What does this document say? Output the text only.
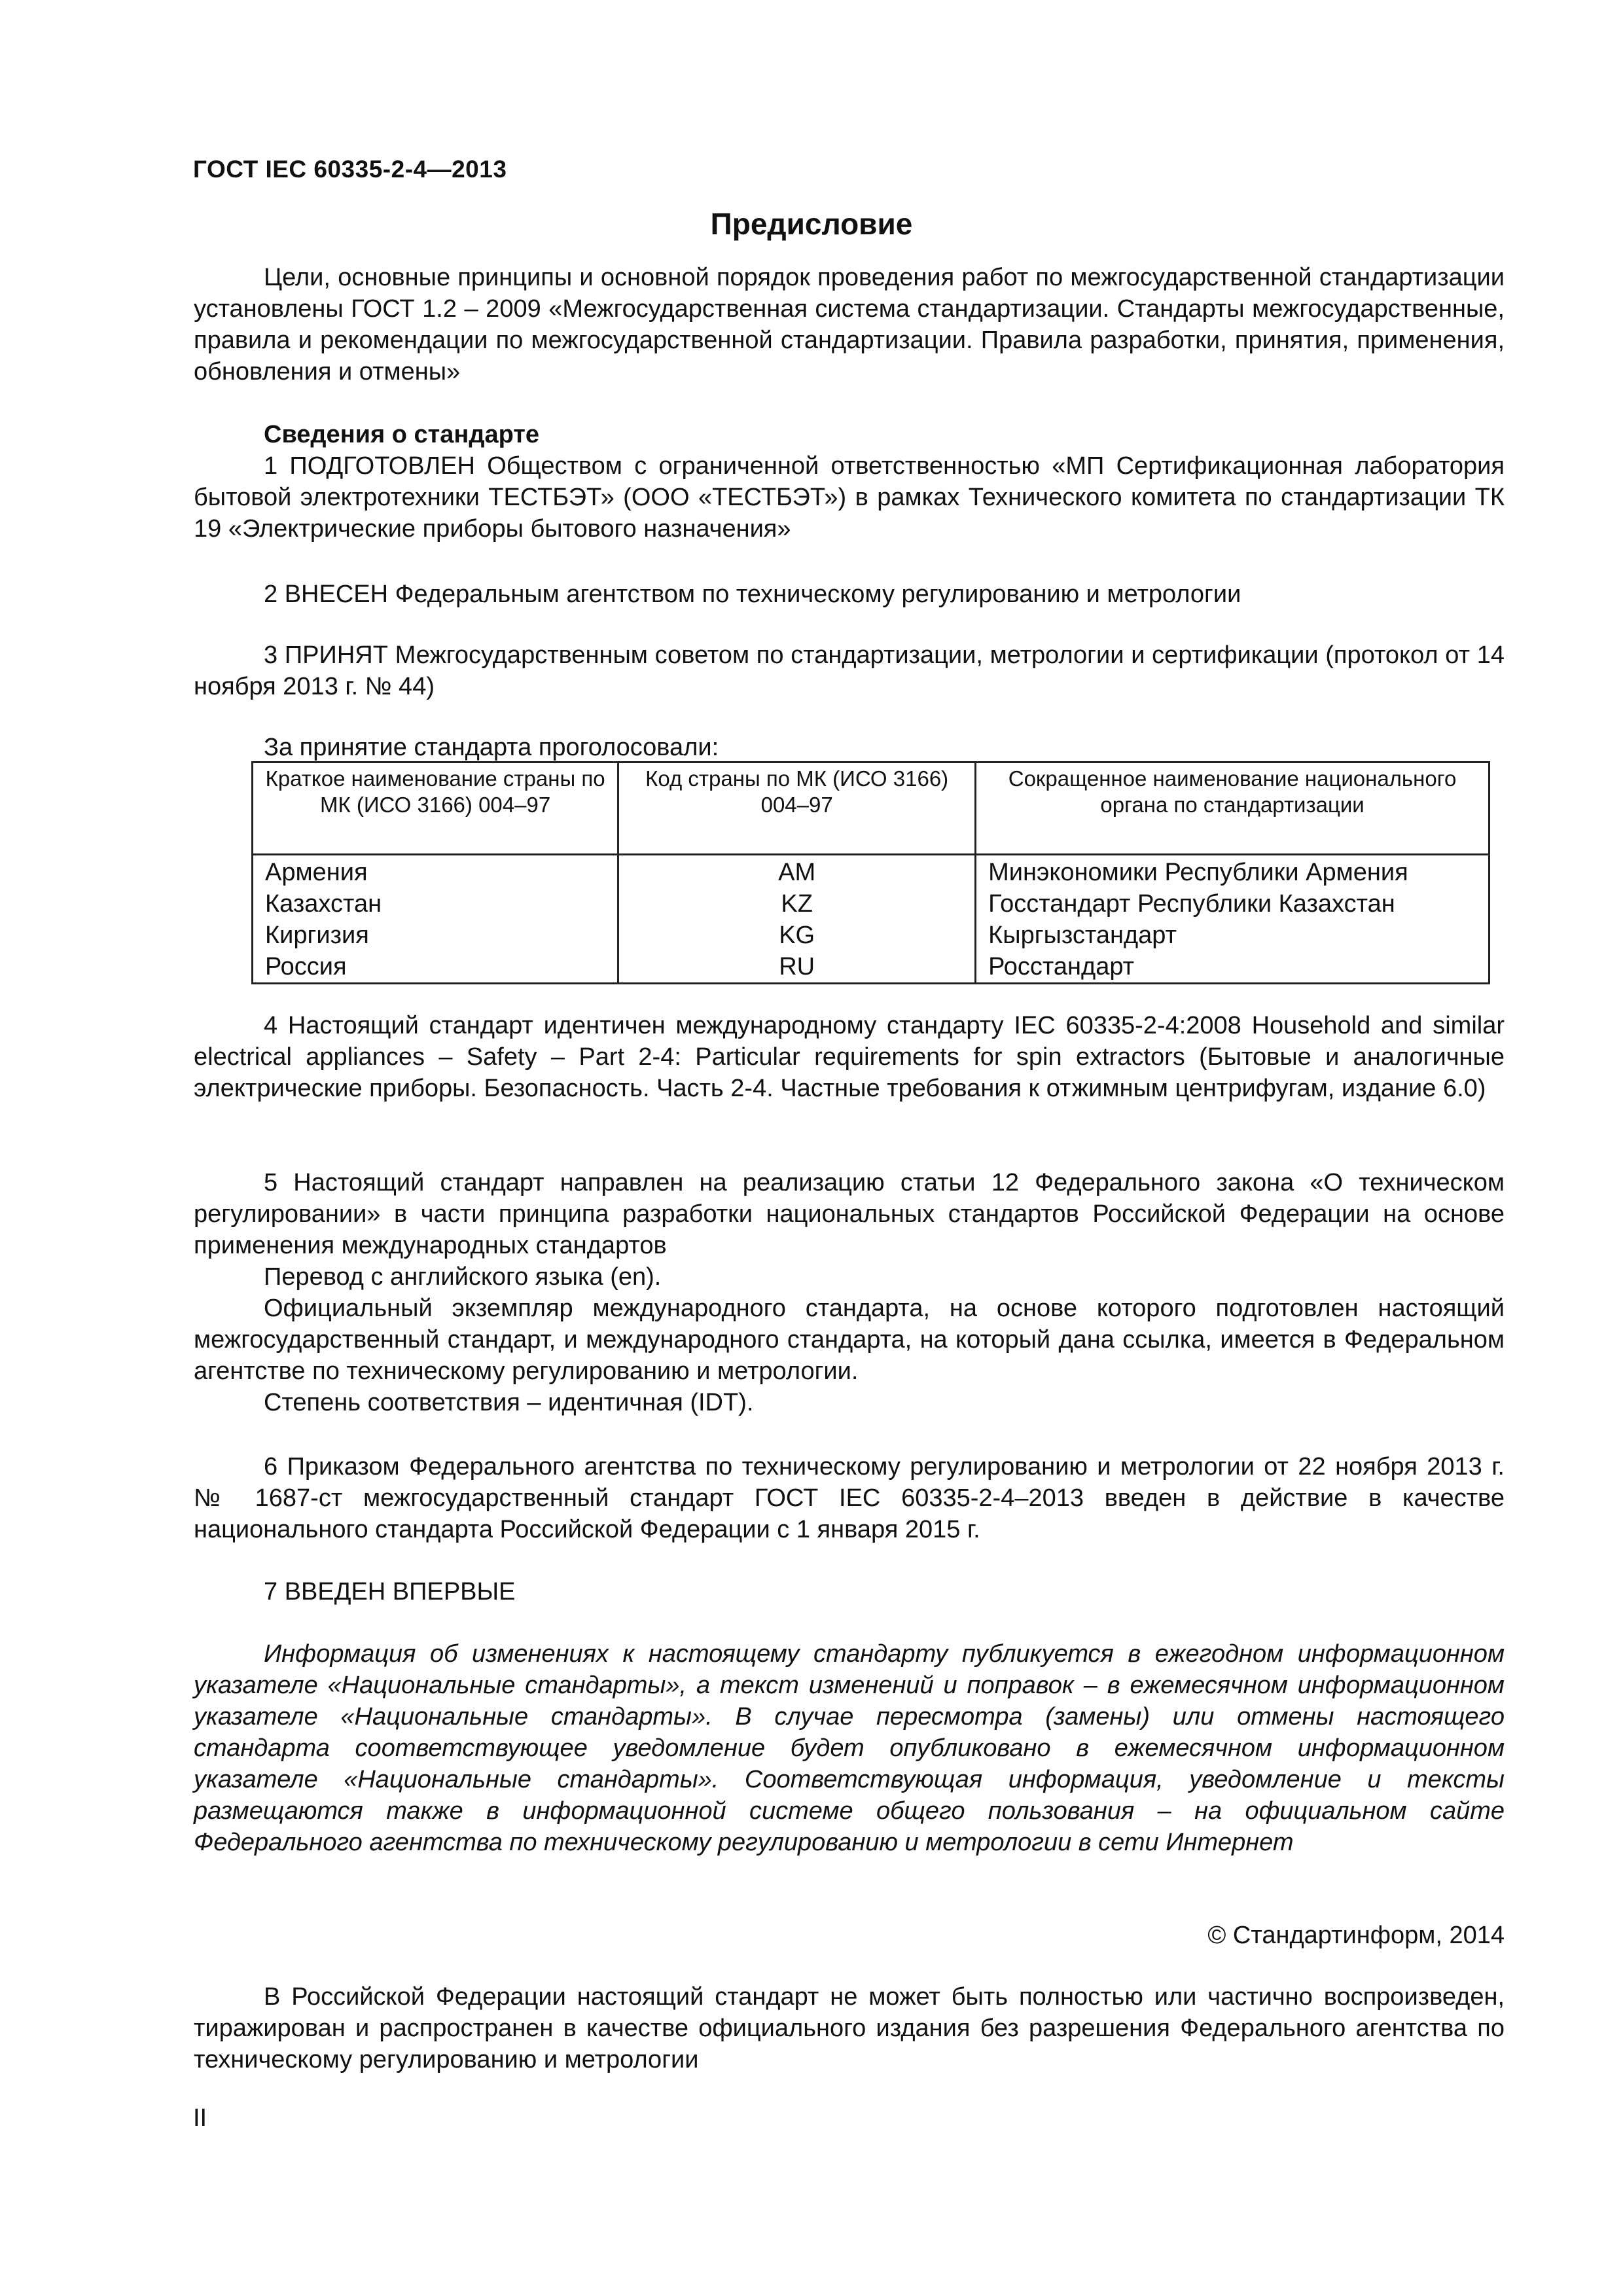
ГОСТ IEC 60335-2-4—2013
Предисловие

Цели, основные принципы и основной порядок проведения работ по межгосударственной стандартизации установлены ГОСТ 1.2 – 2009 «Межгосударственная система стандартизации. Стандарты межгосударственные, правила и рекомендации по межгосударственной стандартизации. Правила разработки, принятия, применения, обновления и отмены»

Сведения о стандарте

1 ПОДГОТОВЛЕН Обществом с ограниченной ответственностью «МП Сертификационная лаборатория бытовой электротехники ТЕСТБЭТ» (ООО «ТЕСТБЭТ») в рамках Технического комитета по стандартизации ТК 19 «Электрические приборы бытового назначения»

2 ВНЕСЕН Федеральным агентством по техническому регулированию и метрологии

3 ПРИНЯТ Межгосударственным советом по стандартизации, метрологии и сертификации (протокол от 14 ноября 2013 г. № 44)

За принятие стандарта проголосовали:

Краткое наименование страны по МК (ИСО 3166) 004–97	Код страны по МК (ИСО 3166) 004–97	Сокращенное наименование национального органа по стандартизации
Армения	AM	Минэкономики Республики Армения
Казахстан	KZ	Госстандарт Республики Казахстан
Киргизия	KG	Кыргызстандарт
Россия	RU	Росстандарт

4 Настоящий стандарт идентичен международному стандарту IEC 60335-2-4:2008 Household and similar electrical appliances – Safety – Part 2-4: Particular requirements for spin extractors (Бытовые и аналогичные электрические приборы. Безопасность. Часть 2-4. Частные требования к отжимным центрифугам, издание 6.0)

5 Настоящий стандарт направлен на реализацию статьи 12 Федерального закона «О техническом регулировании» в части принципа разработки национальных стандартов Российской Федерации на основе применения международных стандартов

Перевод с английского языка (en).

Официальный экземпляр международного стандарта, на основе которого подготовлен настоящий межгосударственный стандарт, и международного стандарта, на который дана ссылка, имеется в Федеральном агентстве по техническому регулированию и метрологии.

Степень соответствия – идентичная (IDT).

6 Приказом Федерального агентства по техническому регулированию и метрологии от 22 ноября 2013 г. № 1687-ст межгосударственный стандарт ГОСТ IEC 60335-2-4–2013 введен в действие в качестве национального стандарта Российской Федерации с 1 января 2015 г.

7 ВВЕДЕН ВПЕРВЫЕ

Информация об изменениях к настоящему стандарту публикуется в ежегодном информационном указателе «Национальные стандарты», а текст изменений и поправок – в ежемесячном информационном указателе «Национальные стандарты». В случае пересмотра (замены) или отмены настоящего стандарта соответствующее уведомление будет опубликовано в ежемесячном информационном указателе «Национальные стандарты». Соответствующая информация, уведомление и тексты размещаются также в информационной системе общего пользования – на официальном сайте Федерального агентства по техническому регулированию и метрологии в сети Интернет

© Стандартинформ, 2014

В Российской Федерации настоящий стандарт не может быть полностью или частично воспроизведен, тиражирован и распространен в качестве официального издания без разрешения Федерального агентства по техническому регулированию и метрологии

II
